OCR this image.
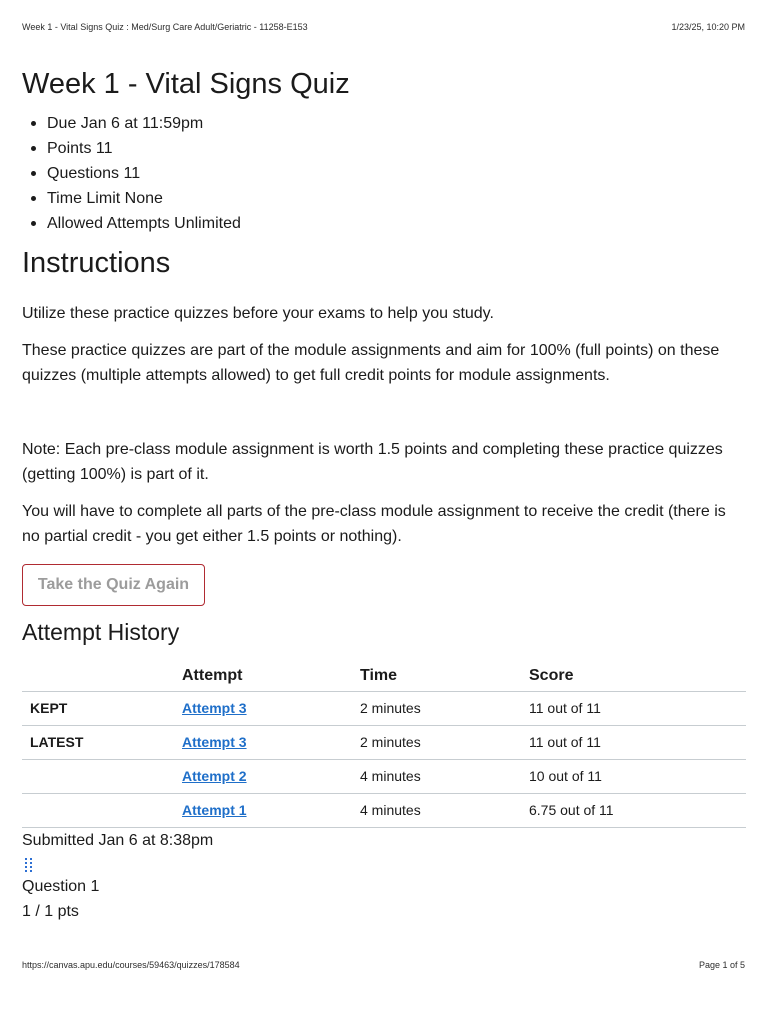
Week 1 - Vital Signs Quiz : Med/Surg Care Adult/Geriatric - 11258-E153	1/23/25, 10:20 PM
Week 1 - Vital Signs Quiz
Due Jan 6 at 11:59pm
Points 11
Questions 11
Time Limit None
Allowed Attempts Unlimited
Instructions

Utilize these practice quizzes before your exams to help you study.

These practice quizzes are part of the module assignments and aim for 100% (full points) on these quizzes (multiple attempts allowed) to get full credit points for module assignments.

Note: Each pre-class module assignment is worth 1.5 points and completing these practice quizzes (getting 100%) is part of it.

You will have to complete all parts of the pre-class module assignment to receive the credit (there is no partial credit - you get either 1.5 points or nothing).

Take the Quiz Again
Attempt History
	Attempt	Time	Score
KEPT	Attempt 3	2 minutes	11 out of 11
LATEST	Attempt 3	2 minutes	11 out of 11
	Attempt 2	4 minutes	10 out of 11
	Attempt 1	4 minutes	6.75 out of 11
Submitted Jan 6 at 8:38pm
Question 1
1 / 1 pts
https://canvas.apu.edu/courses/59463/quizzes/178584	Page 1 of 5
